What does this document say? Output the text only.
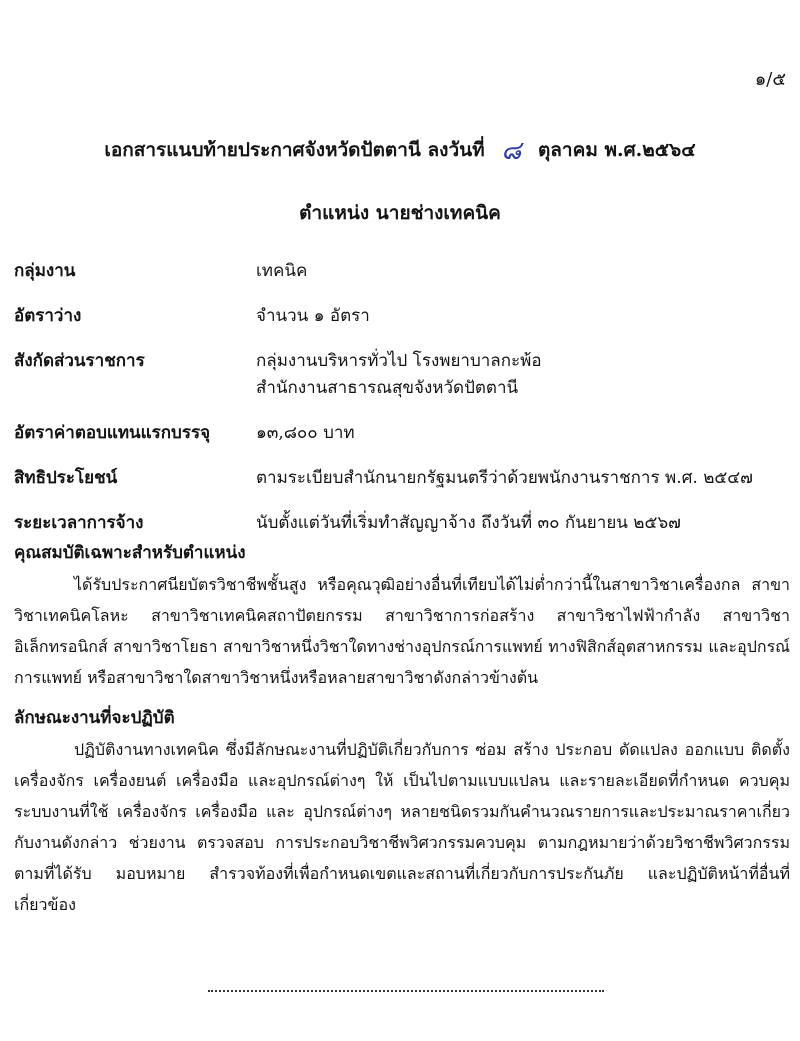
๑/๕
เอกสารแนบท้ายประกาศจังหวัดปัตตานี ลงวันที่ ๘ ตุลาคม พ.ศ.๒๕๖๔
ตำแหน่ง นายช่างเทคนิค
กลุ่มงาน	เทคนิค
อัตราว่าง	จำนวน ๑ อัตรา
สังกัดส่วนราชการ	กลุ่มงานบริหารทั่วไป โรงพยาบาลกะพ้อ
สำนักงานสาธารณสุขจังหวัดปัตตานี
อัตราค่าตอบแทนแรกบรรจุ	๑๓,๘๐๐ บาท
สิทธิประโยชน์	ตามระเบียบสำนักนายกรัฐมนตรีว่าด้วยพนักงานราชการ พ.ศ. ๒๕๔๗
ระยะเวลาการจ้าง	นับตั้งแต่วันที่เริ่มทำสัญญาจ้าง ถึงวันที่ ๓๐ กันยายน ๒๕๖๗
คุณสมบัติเฉพาะสำหรับตำแหน่ง
ได้รับประกาศนียบัตรวิชาชีพชั้นสูง หรือคุณวุฒิอย่างอื่นที่เทียบได้ไม่ต่ำกว่านี้ในสาขาวิชาเครื่องกล สาขาวิชาเทคนิคโลหะ สาขาวิชาเทคนิคสถาปัตยกรรม สาขาวิชาการก่อสร้าง สาขาวิชาไฟฟ้ากำลัง สาขาวิชาอิเล็กทรอนิกส์ สาขาวิชาโยธา สาขาวิชาหนึ่งวิชาใดทางช่างอุปกรณ์การแพทย์ ทางฟิสิกส์อุตสาหกรรม และอุปกรณ์การแพทย์ หรือสาขาวิชาใดสาขาวิชาหนึ่งหรือหลายสาขาวิชาดังกล่าวข้างต้น
ลักษณะงานที่จะปฏิบัติ
ปฏิบัติงานทางเทคนิค ซึ่งมีลักษณะงานที่ปฏิบัติเกี่ยวกับการ ซ่อม สร้าง ประกอบ ดัดแปลง ออกแบบ ติดตั้ง เครื่องจักร เครื่องยนต์ เครื่องมือ และอุปกรณ์ต่างๆ ให้ เป็นไปตามแบบแปลน และรายละเอียดที่กำหนด ควบคุมระบบงานที่ใช้ เครื่องจักร เครื่องมือ และ อุปกรณ์ต่างๆ หลายชนิดรวมกันคำนวณรายการและประมาณราคาเกี่ยวกับงานดังกล่าว ช่วยงาน ตรวจสอบ การประกอบวิชาชีพวิศวกรรมควบคุม ตามกฎหมายว่าด้วยวิชาชีพวิศวกรรมตามที่ได้รับ มอบหมาย สำรวจท้องที่เพื่อกำหนดเขตและสถานที่เกี่ยวกับการประกันภัย และปฏิบัติหน้าที่อื่นที่ เกี่ยวข้อง
